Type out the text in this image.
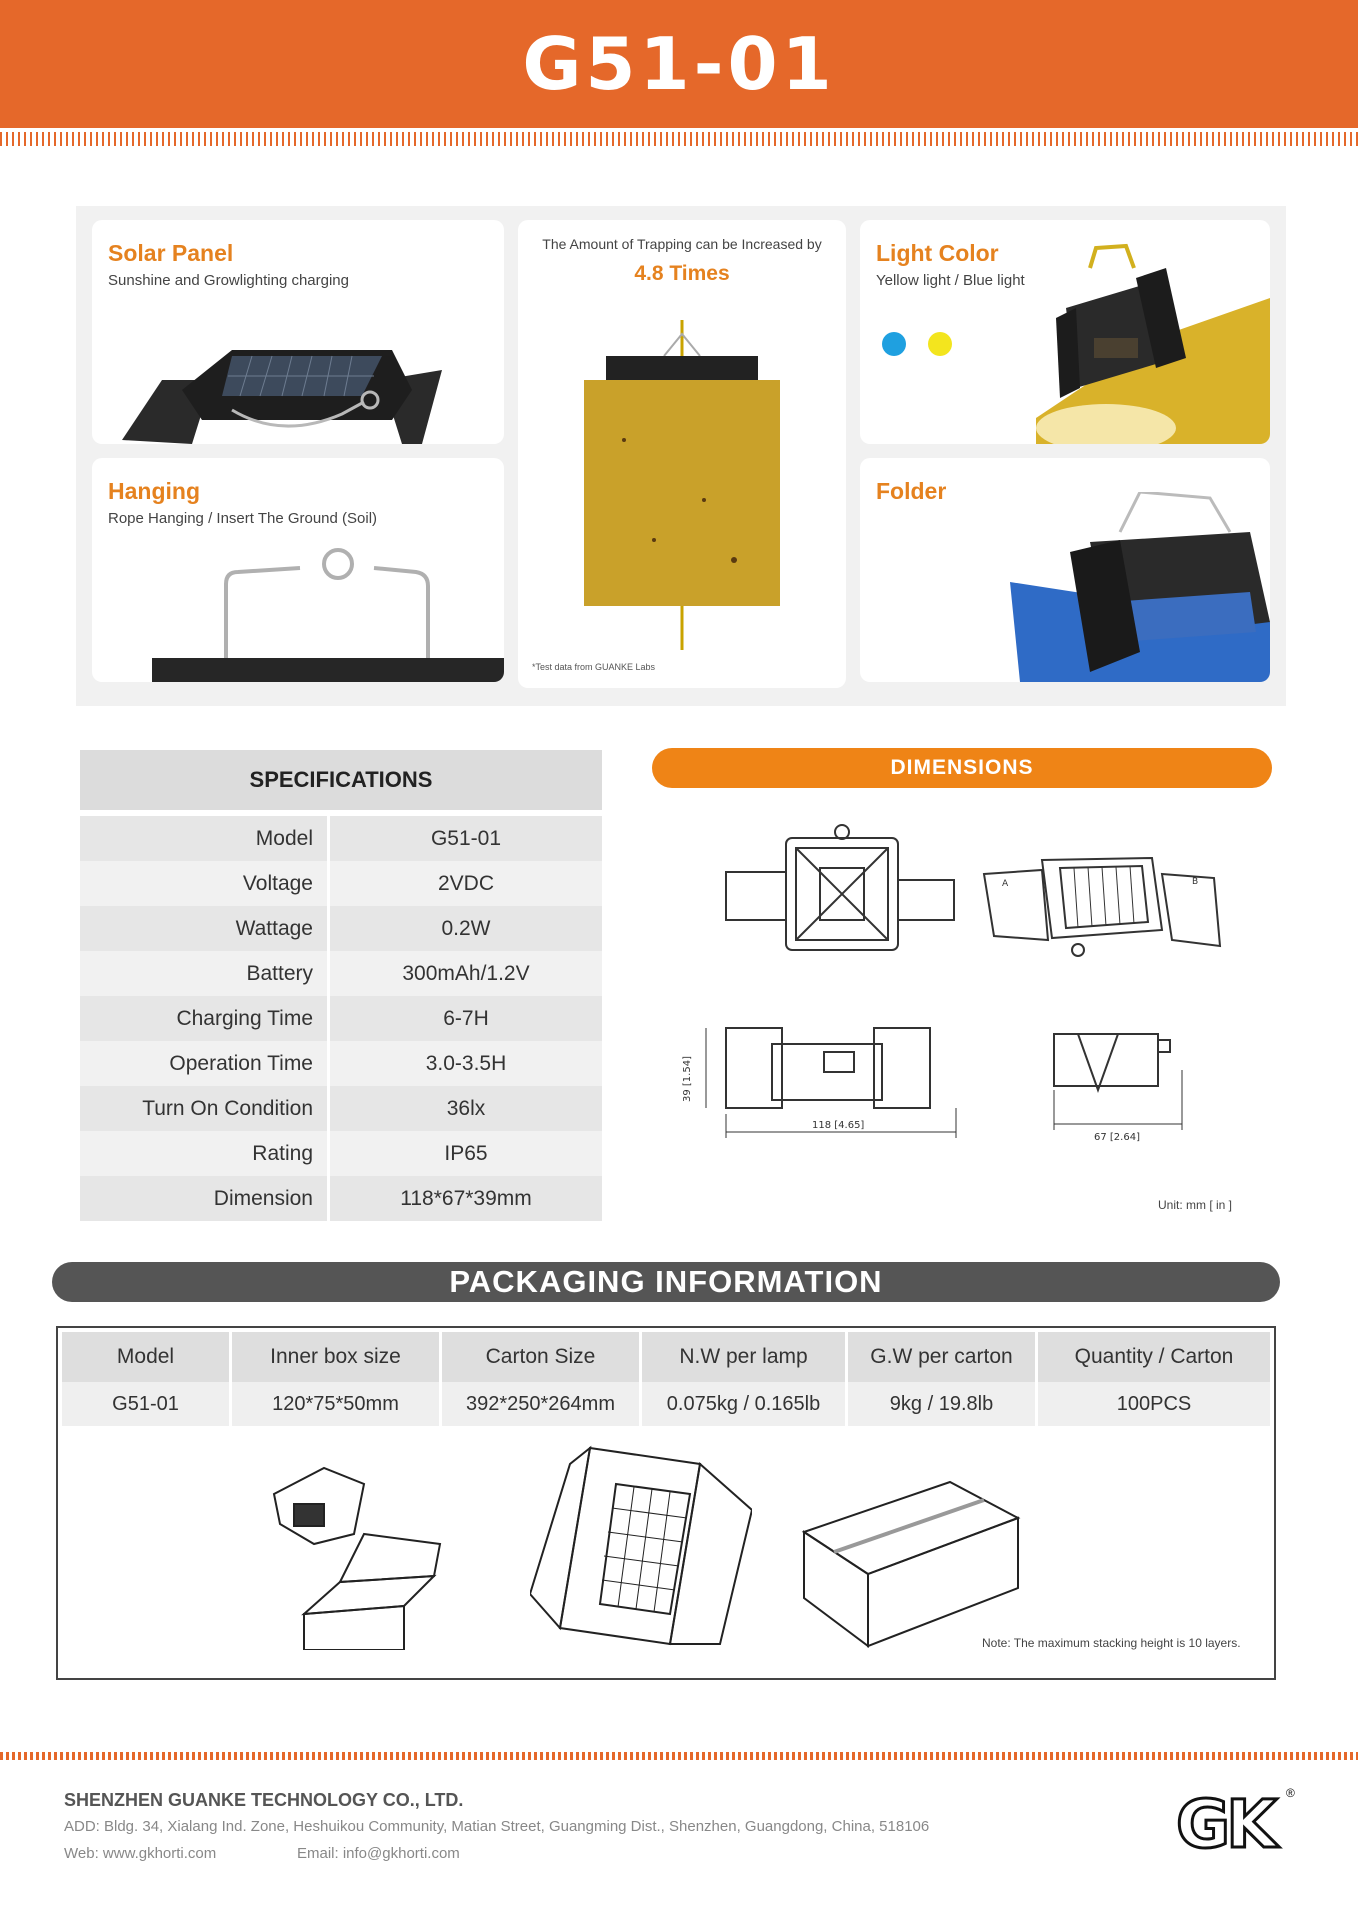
G51-01
Solar Panel
Sunshine and Growlighting charging
The Amount of Trapping can be Increased by
4.8 Times
*Test data from GUANKE Labs
Light Color
Yellow light / Blue light
Hanging
Rope Hanging / Insert The Ground (Soil)
Folder
SPECIFICATIONS
Model	G51-01
Voltage	2VDC
Wattage	0.2W
Battery	300mAh/1.2V
Charging Time	6-7H
Operation Time	3.0-3.5H
Turn On Condition	36lx
Rating	IP65
Dimension	118*67*39mm
DIMENSIONS
A	B
39 [1.54]
118 [4.65]
67 [2.64]
Unit: mm [ in ]
PACKAGING INFORMATION
Model	Inner box size	Carton Size	N.W per lamp	G.W per carton	Quantity / Carton
G51-01	120*75*50mm	392*250*264mm	0.075kg / 0.165lb	9kg / 19.8lb	100PCS
Note: The maximum stacking height is 10 layers.
SHENZHEN GUANKE TECHNOLOGY CO., LTD.
ADD: Bldg. 34, Xialang Ind. Zone, Heshuikou Community, Matian Street, Guangming Dist., Shenzhen, Guangdong, China, 518106
Web: www.gkhorti.com	Email: info@gkhorti.com	GK ®
